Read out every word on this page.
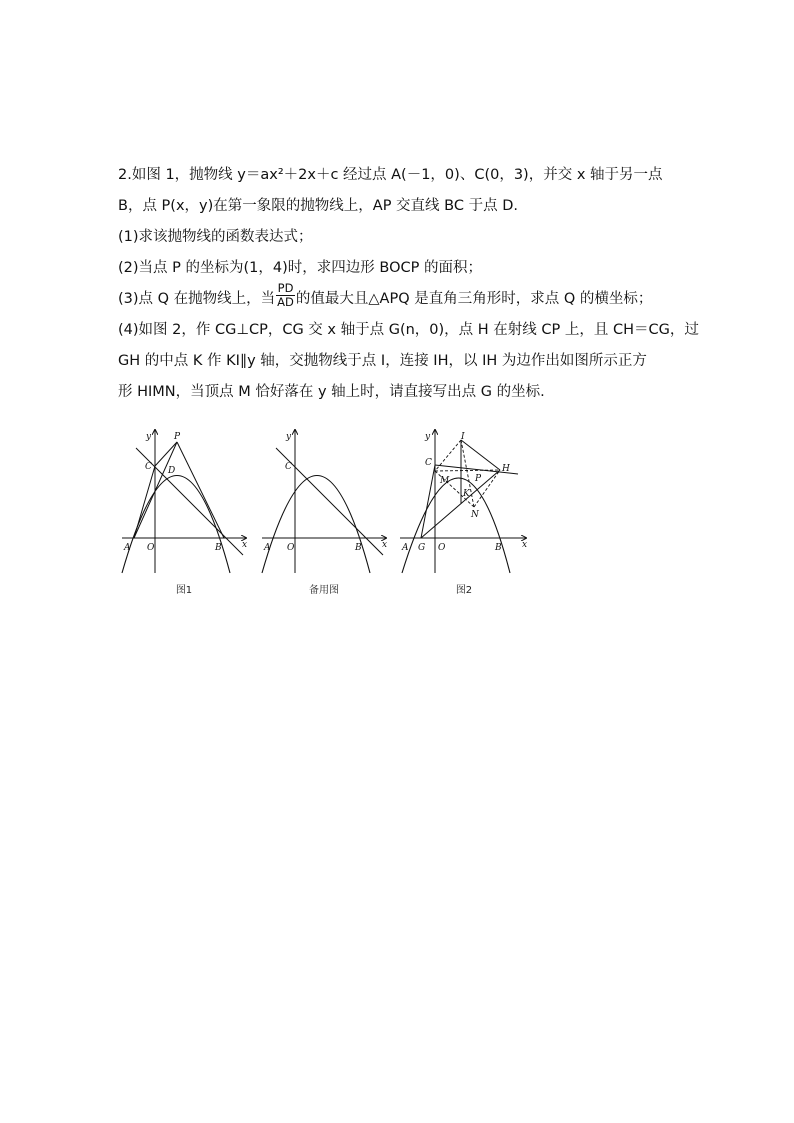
2.如图 1，抛物线 y＝ax²＋2x＋c 经过点 A(－1，0)、C(0，3)，并交 x 轴于另一点
B，点 P(x，y)在第一象限的抛物线上，AP 交直线 BC 于点 D.
(1)求该抛物线的函数表达式；
(2)当点 P 的坐标为(1，4)时，求四边形 BOCP 的面积；
(3)点 Q 在抛物线上，当 $\frac{PD}{AD}$ 的值最大且△APQ 是直角三角形时，求点 Q 的横坐标；
(4)如图 2，作 CG⊥CP，CG 交 x 轴于点 G(n，0)，点 H 在射线 CP 上，且 CH＝CG，过
GH 的中点 K 作 KI∥y 轴，交抛物线于点 I，连接 IH，以 IH 为边作出如图所示正方
形 HIMN，当顶点 M 恰好落在 y 轴上时，请直接写出点 G 的坐标.
y
x
P
C D
A O	B
图1
y
x
C
A O	B
备用图
y
x
I
C
H
M	P
K
N
A G O	B
图2
